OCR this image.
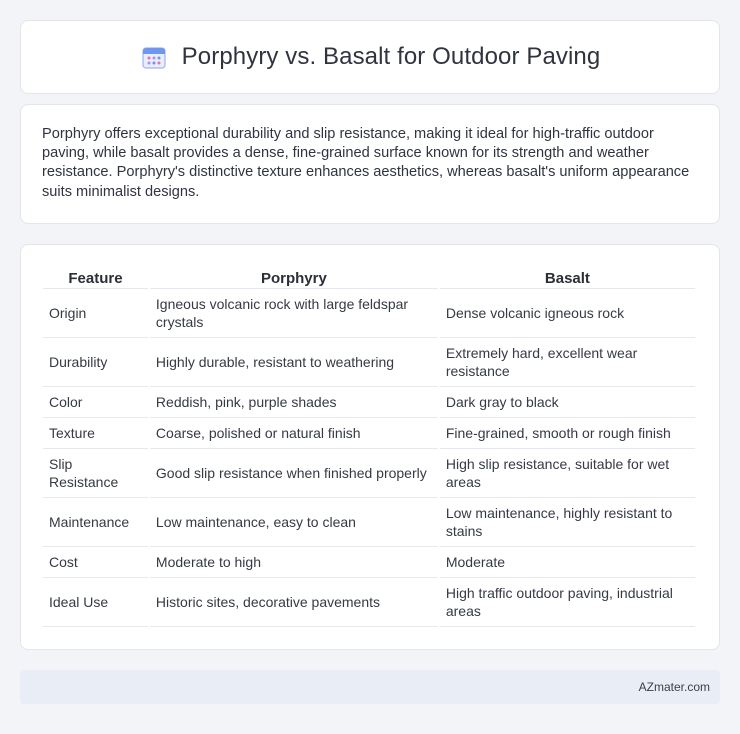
Porphyry vs. Basalt for Outdoor Paving

Porphyry offers exceptional durability and slip resistance, making it ideal for high-traffic outdoor paving, while basalt provides a dense, fine-grained surface known for its strength and weather resistance. Porphyry's distinctive texture enhances aesthetics, whereas basalt's uniform appearance suits minimalist designs.

Feature	Porphyry	Basalt
Origin	Igneous volcanic rock with large feldspar crystals	Dense volcanic igneous rock
Durability	Highly durable, resistant to weathering	Extremely hard, excellent wear resistance
Color	Reddish, pink, purple shades	Dark gray to black
Texture	Coarse, polished or natural finish	Fine-grained, smooth or rough finish
Slip Resistance	Good slip resistance when finished properly	High slip resistance, suitable for wet areas
Maintenance	Low maintenance, easy to clean	Low maintenance, highly resistant to stains
Cost	Moderate to high	Moderate
Ideal Use	Historic sites, decorative pavements	High traffic outdoor paving, industrial areas
AZmater.com
